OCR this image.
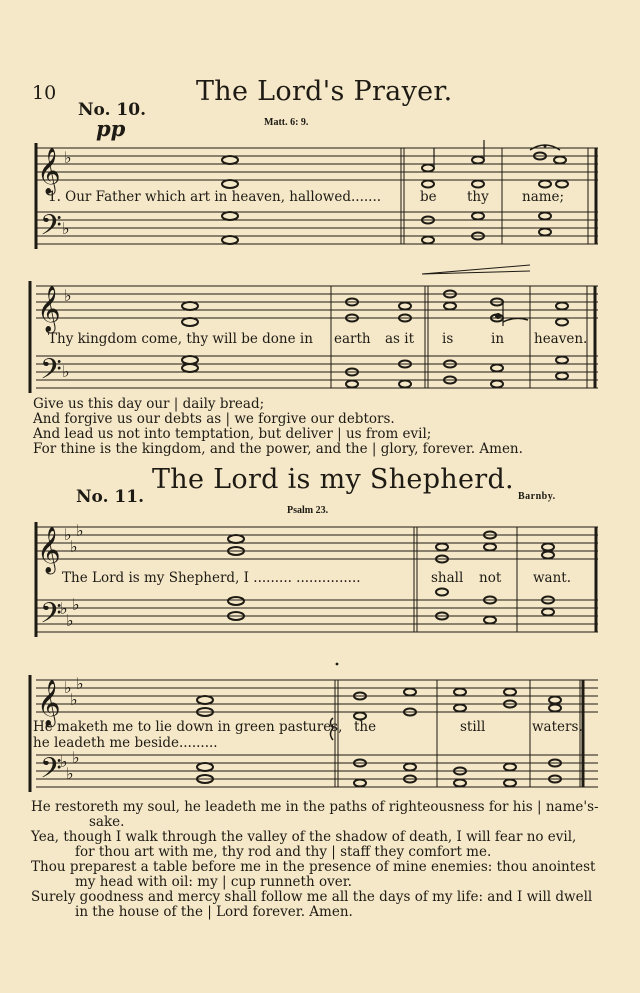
10	The Lord's Prayer.
No. 10.
Matt. 6: 9.
pp
𝄞
𝄢
𝄞
𝄢
𝄞
𝄢
𝄞
𝄢
♭
♭
♭
♭
♭
♭
♭
♭
♭
♭
♭
♭
♭
♭
♭
♭
1. Our Father which art in heaven, hallowed.......	be thy name;
Thy kingdom come, thy will be done in earth as it is	in heaven.
Give us this day our | daily bread;
And forgive us our debts as | we forgive our debtors.
And lead us not into temptation, but deliver | us from evil;
For thine is the kingdom, and the power, and the | glory, forever. Amen.
The Lord is my Shepherd.
No. 11.	Barnby.
Psalm 23.
The Lord is my Shepherd, I ......... ...............	shall not want.
He maketh me to lie down in green pastures,
he leadeth me beside.........
the	still	waters.
He restoreth my soul, he leadeth me in the paths of righteousness for his | name's-
sake.
Yea, though I walk through the valley of the shadow of death, I will fear no evil,
for thou art with me, thy rod and thy | staff they comfort me.
Thou preparest a table before me in the presence of mine enemies: thou anointest
my head with oil: my | cup runneth over.
Surely goodness and mercy shall follow me all the days of my life: and I will dwell
in the house of the | Lord forever. Amen.
